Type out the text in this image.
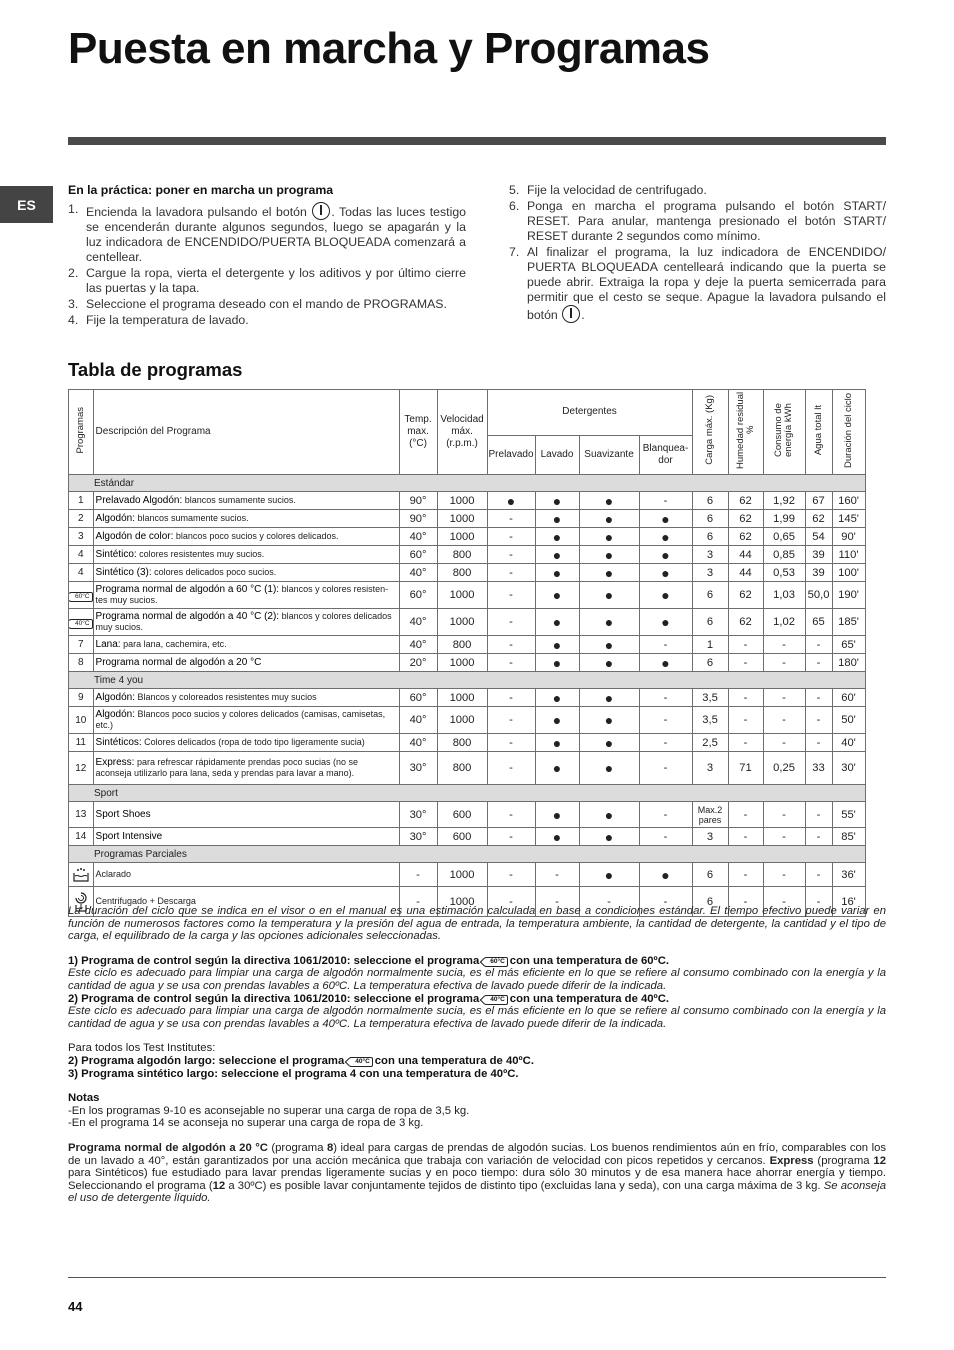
Puesta en marcha y Programas
ES
En la práctica: poner en marcha un programa
1. Encienda la lavadora pulsando el botón . Todas las luces testigo se encenderán durante algunos segundos, luego se apagarán y la luz indicadora de ENCENDIDO/PUERTA BLOQUEADA comenzará a centellear.
2. Cargue la ropa, vierta el detergente y los aditivos y por último cierre las puertas y la tapa.
3. Seleccione el programa deseado con el mando de PROGRAMAS.
4. Fije la temperatura de lavado.
5. Fije la velocidad de centrifugado.
6. Ponga en marcha el programa pulsando el botón START/ RESET. Para anular, mantenga presionado el botón START/ RESET durante 2 segundos como mínimo.
7. Al finalizar el programa, la luz indicadora de ENCENDIDO/ PUERTA BLOQUEADA centelleará indicando que la puerta se puede abrir. Extraiga la ropa y deje la puerta semicerrada para permitir que el cesto se seque. Apague la lavadora pulsando el botón .
Tabla de programas
Programas	Descripción del Programa	Temp. max. (°C)	Velocidad máx. (r.p.m.)	Detergentes				Carga máx. (Kg)	Humedad residual %	Consumo de energía kWh	Agua total lt	Duración del ciclo
				Prelavado	Lavado	Suavizante	Blanquea-dor					
Estándar												
1	Prelavado Algodón: blancos sumamente sucios.	90°	1000	●	●	●	-	6	62	1,92	67	160'
2	Algodón: blancos sumamente sucios.	90°	1000	-	●	●	●	6	62	1,99	62	145'
3	Algodón de color: blancos poco sucios y colores delicados.	40°	1000	-	●	●	●	6	62	0,65	54	90'
4	Sintético: colores resistentes muy sucios.	60°	800	-	●	●	●	3	44	0,85	39	110'
4	Sintético (3): colores delicados poco sucios.	40°	800	-	●	●	●	3	44	0,53	39	100'
60°C	Programa normal de algodón a 60 °C (1): blancos y colores resisten-tes muy sucios.	60°	1000	-	●	●	●	6	62	1,03	50,0	190'
40°C	Programa normal de algodón a 40 °C (2): blancos y colores delicados muy sucios.	40°	1000	-	●	●	●	6	62	1,02	65	185'
7	Lana: para lana, cachemira, etc.	40°	800	-	●	●	-	1	-	-	-	65'
8	Programa normal de algodón a 20 °C	20°	1000	-	●	●	●	6	-	-	-	180'
Time 4 you												
9	Algodón: Blancos y coloreados resistentes muy sucios	60°	1000	-	●	●	-	3,5	-	-	-	60'
10	Algodón: Blancos poco sucios y colores delicados (camisas, camisetas, etc.)	40°	1000	-	●	●	-	3,5	-	-	-	50'
11	Sintéticos: Colores delicados (ropa de todo tipo ligeramente sucia)	40°	800	-	●	●	-	2,5	-	-	-	40'
12	Express: para refrescar rápidamente prendas poco sucias (no se aconseja utilizarlo para lana, seda y prendas para lavar a mano).	30°	800	-	●	●	-	3	71	0,25	33	30'
Sport												
13	Sport Shoes	30°	600	-	●	●	-	Max.2 pares	-	-	-	55'
14	Sport Intensive	30°	600	-	●	●	-	3	-	-	-	85'
Programas Parciales												
	Aclarado	-	1000	-	-	●	●	6	-	-	-	36'
	Centrifugado + Descarga	-	1000	-	-	-	-	6	-	-	-	16'

La duración del ciclo que se indica en el visor o en el manual es una estimación calculada en base a condiciones estándar. El tiempo efectivo puede variar en función de numerosos factores como la temperatura y la presión del agua de entrada, la temperatura ambiente, la cantidad de detergente, la cantidad y el tipo de carga, el equilibrado de la carga y las opciones adicionales seleccionadas.

1) Programa de control según la directiva 1061/2010: seleccione el programa 60°C con una temperatura de 60ºC.

Este ciclo es adecuado para limpiar una carga de algodón normalmente sucia, es el más eficiente en lo que se refiere al consumo combinado con la energía y la cantidad de agua y se usa con prendas lavables a 60ºC. La temperatura efectiva de lavado puede diferir de la indicada.

2) Programa de control según la directiva 1061/2010: seleccione el programa 40°C con una temperatura de 40ºC.

Este ciclo es adecuado para limpiar una carga de algodón normalmente sucia, es el más eficiente en lo que se refiere al consumo combinado con la energía y la cantidad de agua y se usa con prendas lavables a 40ºC. La temperatura efectiva de lavado puede diferir de la indicada.

Para todos los Test Institutes:

2) Programa algodón largo: seleccione el programa 40°C con una temperatura de 40ºC.

3) Programa sintético largo: seleccione el programa 4 con una temperatura de 40ºC.

Notas

-En los programas 9-10 es aconsejable no superar una carga de ropa de 3,5 kg.

-En el programa 14 se aconseja no superar una carga de ropa de 3 kg.

Programa normal de algodón a 20 °C (programa 8) ideal para cargas de prendas de algodón sucias. Los buenos rendimientos aún en frío, comparables con los de un lavado a 40°, están garantizados por una acción mecánica que trabaja con variación de velocidad con picos repetidos y cercanos. Express (programa 12 para Sintéticos) fue estudiado para lavar prendas ligeramente sucias y en poco tiempo: dura sólo 30 minutos y de esa manera hace ahorrar energía y tiempo. Seleccionando el programa (12 a 30ºC) es posible lavar conjuntamente tejidos de distinto tipo (excluidas lana y seda), con una carga máxima de 3 kg. Se aconseja el uso de detergente líquido.

44
